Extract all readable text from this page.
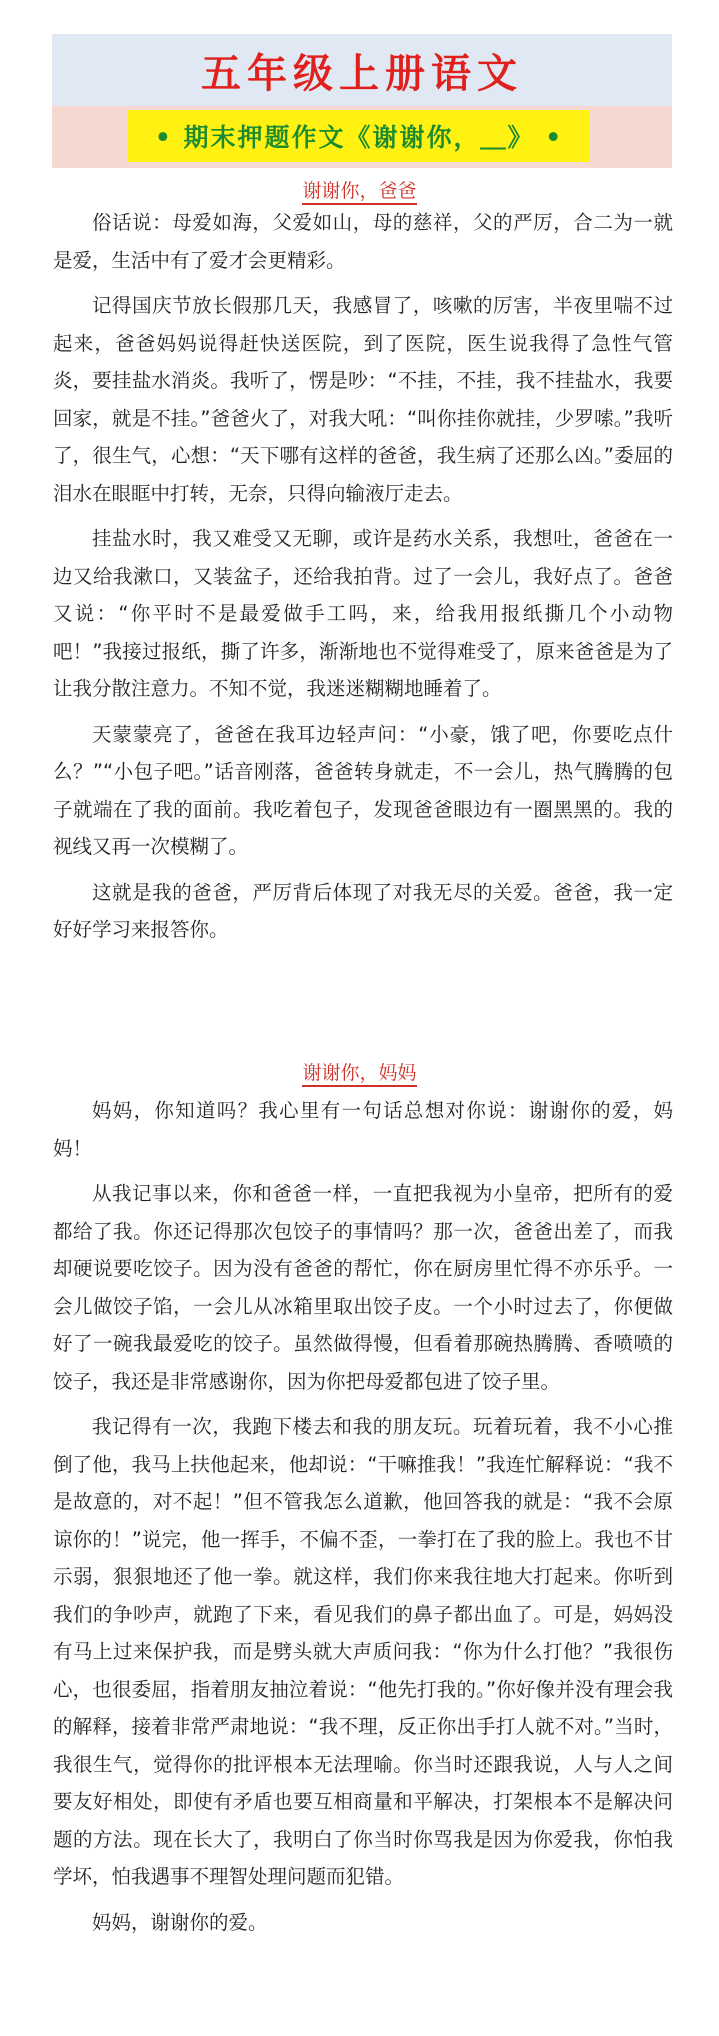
五年级上册语文
• 期末押题作文《谢谢你，＿》 •
谢谢你，爸爸

俗话说：母爱如海，父爱如山，母的慈祥，父的严厉，合二为一就是爱，生活中有了爱才会更精彩。

记得国庆节放长假那几天，我感冒了，咳嗽的厉害，半夜里喘不过起来，爸爸妈妈说得赶快送医院，到了医院，医生说我得了急性气管炎，要挂盐水消炎。我听了，愣是吵：“不挂，不挂，我不挂盐水，我要回家，就是不挂。”爸爸火了，对我大吼：“叫你挂你就挂，少罗嗦。”我听了，很生气，心想：“天下哪有这样的爸爸，我生病了还那么凶。”委屈的泪水在眼眶中打转，无奈，只得向输液厅走去。

挂盐水时，我又难受又无聊，或许是药水关系，我想吐，爸爸在一边又给我漱口，又装盆子，还给我拍背。过了一会儿，我好点了。爸爸又说：“你平时不是最爱做手工吗，来，给我用报纸撕几个小动物吧！”我接过报纸，撕了许多，渐渐地也不觉得难受了，原来爸爸是为了让我分散注意力。不知不觉，我迷迷糊糊地睡着了。

天蒙蒙亮了，爸爸在我耳边轻声问：“小豪，饿了吧，你要吃点什么？”“小包子吧。”话音刚落，爸爸转身就走，不一会儿，热气腾腾的包子就端在了我的面前。我吃着包子，发现爸爸眼边有一圈黑黑的。我的视线又再一次模糊了。

这就是我的爸爸，严厉背后体现了对我无尽的关爱。爸爸，我一定好好学习来报答你。

谢谢你，妈妈

妈妈，你知道吗？我心里有一句话总想对你说：谢谢你的爱，妈妈！

从我记事以来，你和爸爸一样，一直把我视为小皇帝，把所有的爱都给了我。你还记得那次包饺子的事情吗？那一次，爸爸出差了，而我却硬说要吃饺子。因为没有爸爸的帮忙，你在厨房里忙得不亦乐乎。一会儿做饺子馅，一会儿从冰箱里取出饺子皮。一个小时过去了，你便做好了一碗我最爱吃的饺子。虽然做得慢，但看着那碗热腾腾、香喷喷的饺子，我还是非常感谢你，因为你把母爱都包进了饺子里。

我记得有一次，我跑下楼去和我的朋友玩。玩着玩着，我不小心推倒了他，我马上扶他起来，他却说：“干嘛推我！”我连忙解释说：“我不是故意的，对不起！”但不管我怎么道歉，他回答我的就是：“我不会原谅你的！”说完，他一挥手，不偏不歪，一拳打在了我的脸上。我也不甘示弱，狠狠地还了他一拳。就这样，我们你来我往地大打起来。你听到我们的争吵声，就跑了下来，看见我们的鼻子都出血了。可是，妈妈没有马上过来保护我，而是劈头就大声质问我：“你为什么打他？”我很伤心，也很委屈，指着朋友抽泣着说：“他先打我的。”你好像并没有理会我的解释，接着非常严肃地说：“我不理，反正你出手打人就不对。”当时，我很生气，觉得你的批评根本无法理喻。你当时还跟我说，人与人之间要友好相处，即使有矛盾也要互相商量和平解决，打架根本不是解决问题的方法。现在长大了，我明白了你当时你骂我是因为你爱我，你怕我学坏，怕我遇事不理智处理问题而犯错。

妈妈，谢谢你的爱。
